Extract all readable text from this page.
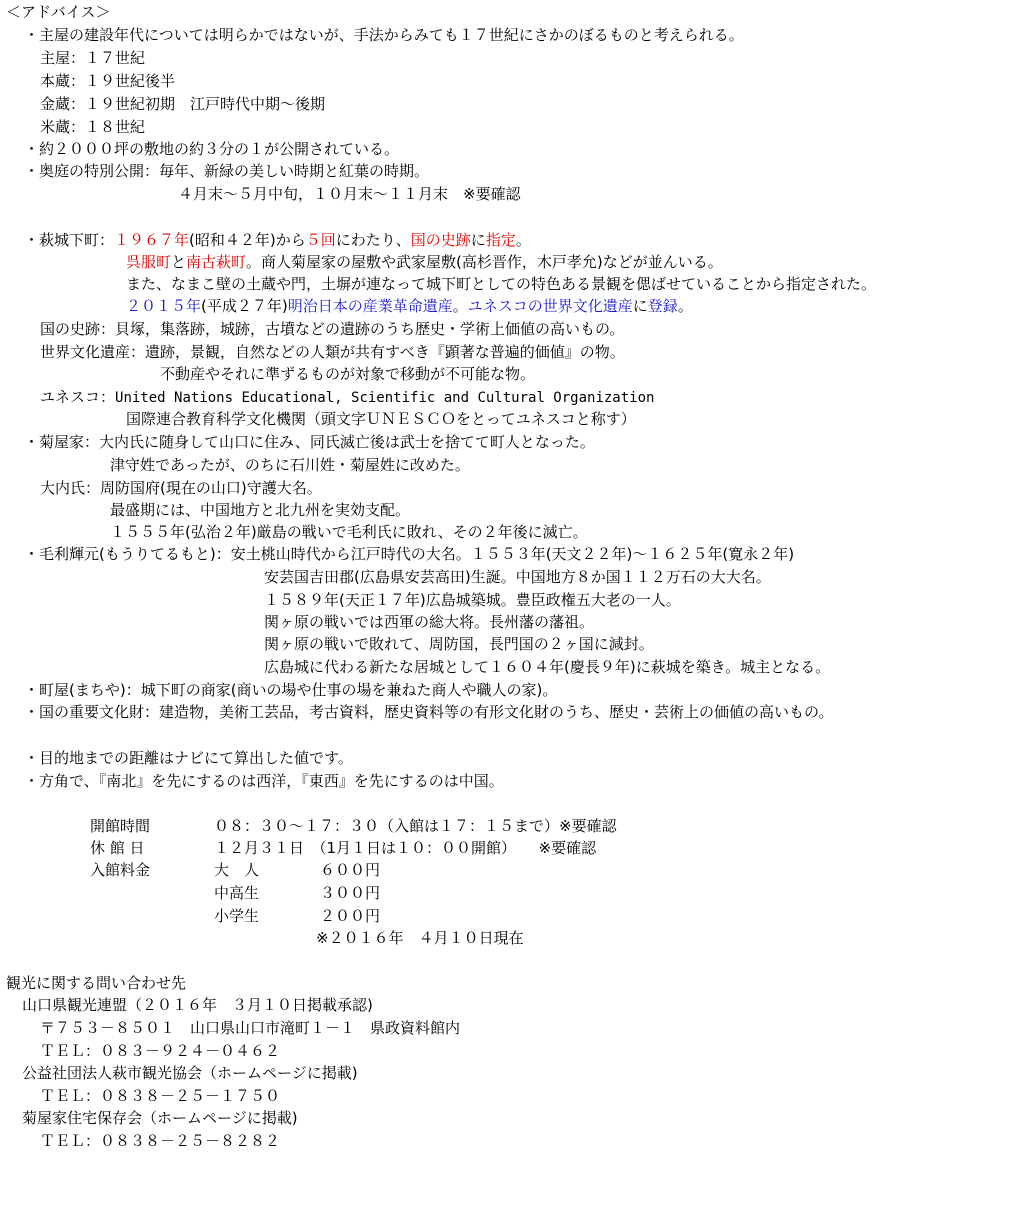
＜アドバイス＞
・主屋の建設年代については明らかではないが、手法からみても１７世紀にさかのぼるものと考えられる。
主屋：１７世紀
本蔵：１９世紀後半
金蔵：１９世紀初期　江戸時代中期～後期
米蔵：１８世紀
・約２０００坪の敷地の約３分の１が公開されている。
・奥庭の特別公開：毎年、新緑の美しい時期と紅葉の時期。
４月末～５月中旬，１０月末～１１月末　※要確認
・萩城下町：１９６７年(昭和４２年)から５回にわたり、国の史跡に指定。
呉服町と南古萩町。商人菊屋家の屋敷や武家屋敷(高杉晋作，木戸孝允)などが並んいる。
また、なまこ壁の土蔵や門，土塀が連なって城下町としての特色ある景観を偲ばせていることから指定された。
２０１５年(平成２７年)明治日本の産業革命遺産。ユネスコの世界文化遺産に登録。
国の史跡：貝塚，集落跡，城跡，古墳などの遺跡のうち歴史・学術上価値の高いもの。
世界文化遺産：遺跡，景観，自然などの人類が共有すべき『顕著な普遍的価値』の物。
不動産やそれに準ずるものが対象で移動が不可能な物。
ユネスコ：United Nations Educational, Scientific and Cultural Organization
国際連合教育科学文化機関（頭文字ＵＮＥＳＣＯをとってユネスコと称す）
・菊屋家：大内氏に随身して山口に住み、同氏滅亡後は武士を捨てて町人となった。
津守姓であったが、のちに石川姓・菊屋姓に改めた。
大内氏：周防国府(現在の山口)守護大名。
最盛期には、中国地方と北九州を実効支配。
１５５５年(弘治２年)厳島の戦いで毛利氏に敗れ、その２年後に滅亡。
・毛利輝元(もうりてるもと)：安土桃山時代から江戸時代の大名。１５５３年(天文２２年)～１６２５年(寛永２年)
安芸国吉田郡(広島県安芸高田)生誕。中国地方８か国１１２万石の大大名。
１５８９年(天正１７年)広島城築城。豊臣政権五大老の一人。
関ヶ原の戦いでは西軍の総大将。長州藩の藩祖。
関ヶ原の戦いで敗れて、周防国，長門国の２ヶ国に減封。
広島城に代わる新たな居城として１６０４年(慶長９年)に萩城を築き。城主となる。
・町屋(まちや)：城下町の商家(商いの場や仕事の場を兼ねた商人や職人の家)。
・国の重要文化財：建造物，美術工芸品，考古資料，歴史資料等の有形文化財のうち、歴史・芸術上の価値の高いもの。
・目的地までの距離はナビにて算出した値です。
・方角で、『南北』を先にするのは西洋，『東西』を先にするのは中国。
開館時間	０８：３０～１７：３０（入館は１７：１５まで）※要確認
休 館 日	１２月３１日　（1月１日は１０：００開館）　　※要確認
入館料金	大　人	６００円
中高生	３００円
小学生	２００円
※２０１６年　４月１０日現在
観光に関する問い合わせ先
山口県観光連盟（２０１６年　３月１０日掲載承認)
〒７５３－８５０１　山口県山口市滝町１－１　県政資料館内
ＴＥＬ：０８３－９２４－０４６２
公益社団法人萩市観光協会（ホームページに掲載)
ＴＥＬ：０８３８－２５－１７５０
菊屋家住宅保存会（ホームページに掲載)
ＴＥＬ：０８３８－２５－８２８２
